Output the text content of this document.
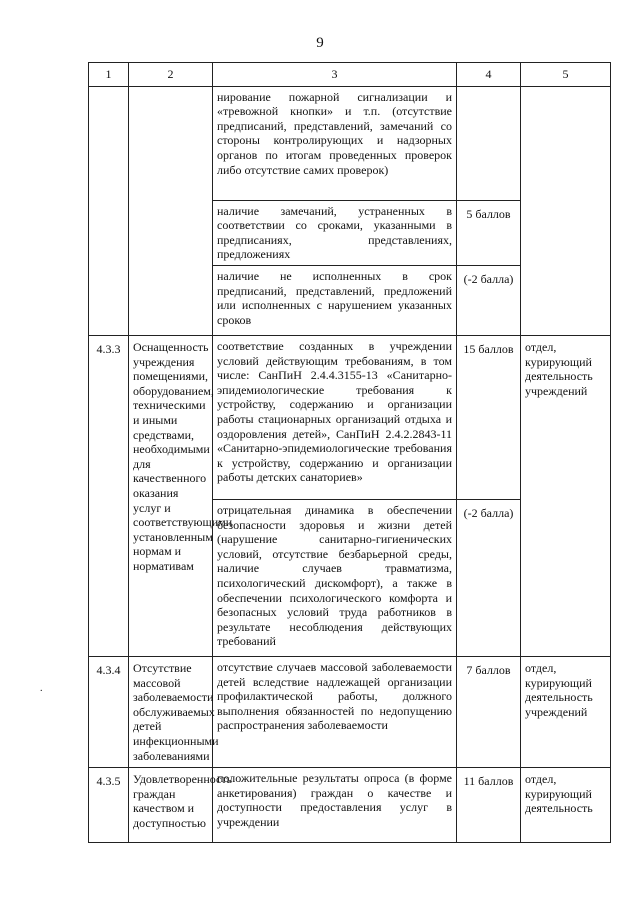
9
.
1	2	3	4	5
		нирование пожарной сигнализации и «тревожной кнопки» и т.п. (отсутствие предписаний, представлений, замечаний со стороны контролирующих и надзорных органов по итогам проведенных проверок либо отсутствие самих проверок)		
		наличие замечаний, устраненных в соответствии со сроками, указанными в предписаниях, представлениях, предложениях	5 баллов	
		наличие не исполненных в срок предписаний, представлений, предложений или исполненных с нарушением указанных сроков	(-2 балла)	
4.3.3	Оснащенность учреждения помещениями, оборудованием, техническими и иными средствами, необходимыми для качественного оказания услуг и соответствующими установленным нормам и нормативам	соответствие созданных в учреждении условий действующим требованиям, в том числе: СанПиН 2.4.4.3155-13 «Санитарно-эпидемиологические требования к устройству, содержанию и организации работы стационарных организаций отдыха и оздоровления детей», СанПиН 2.4.2.2843-11 «Санитарно-эпидемиологические требования к устройству, содержанию и организации работы детских санаториев»	15 баллов	отдел, курирующий деятельность учреждений
		отрицательная динамика в обеспечении безопасности здоровья и жизни детей (нарушение санитарно-гигиенических условий, отсутствие безбарьерной среды, наличие случаев травматизма, психологический дискомфорт), а также в обеспечении психологического комфорта и безопасных условий труда работников в результате несоблюдения действующих требований	(-2 балла)	
4.3.4	Отсутствие массовой заболеваемости обслуживаемых детей инфекционными заболеваниями	отсутствие случаев массовой заболеваемости детей вследствие надлежащей организации профилактической работы, должного выполнения обязанностей по недопущению распространения заболеваемости	7 баллов	отдел, курирующий деятельность учреждений
4.3.5	Удовлетворенность граждан качеством и доступностью	положительные результаты опроса (в форме анкетирования) граждан о качестве и доступности предоставления услуг в учреждении	11 баллов	отдел, курирующий деятельность
